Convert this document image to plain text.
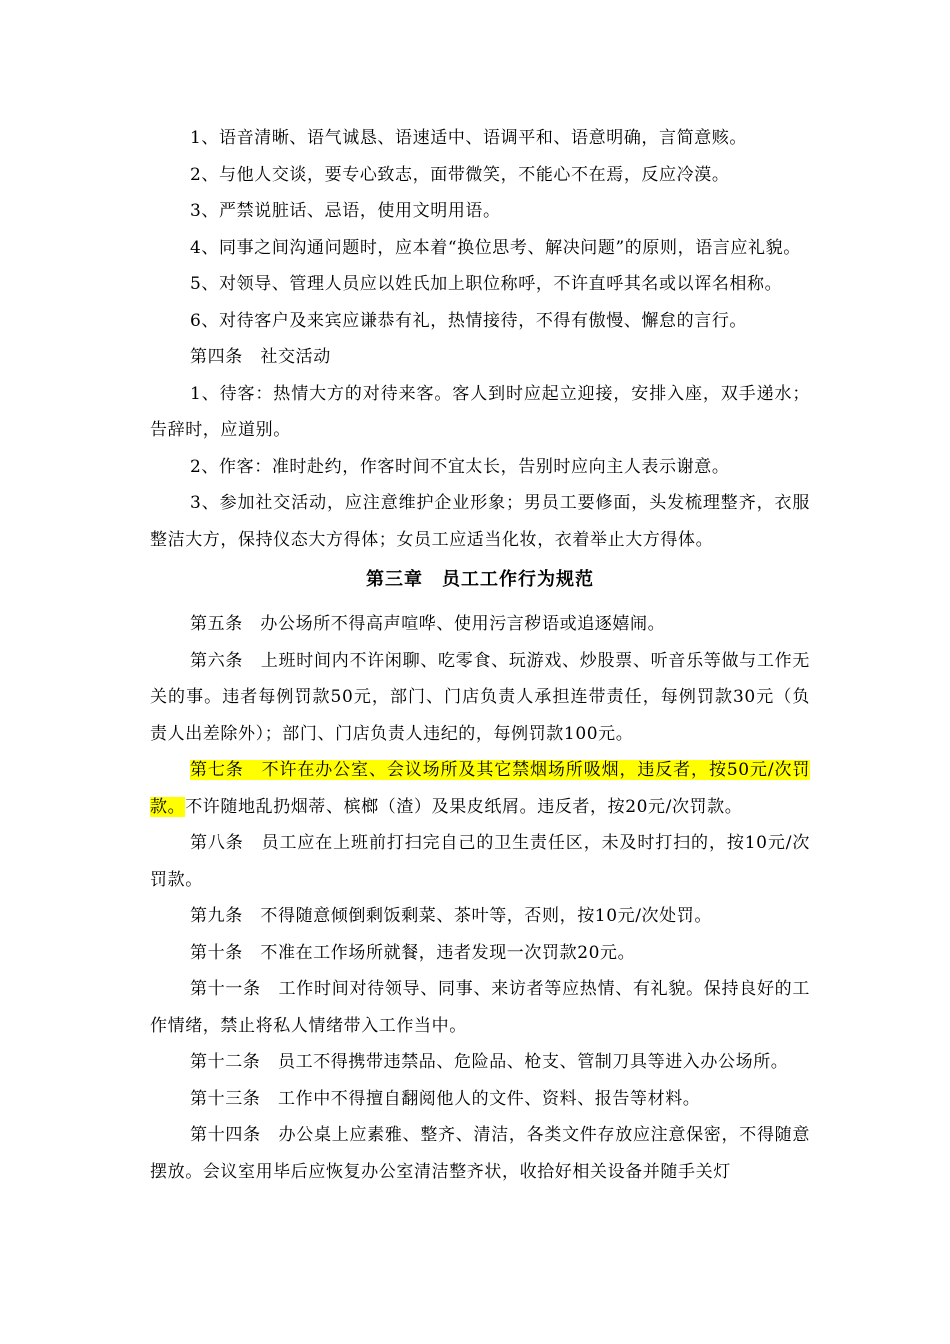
1、语音清晰、语气诚恳、语速适中、语调平和、语意明确，言简意赅。

2、与他人交谈，要专心致志，面带微笑，不能心不在焉，反应冷漠。

3、严禁说脏话、忌语，使用文明用语。

4、同事之间沟通问题时，应本着“换位思考、解决问题”的原则，语言应礼貌。

5、对领导、管理人员应以姓氏加上职位称呼，不许直呼其名或以诨名相称。

6、对待客户及来宾应谦恭有礼，热情接待，不得有傲慢、懈怠的言行。

第四条　社交活动

1、待客：热情大方的对待来客。客人到时应起立迎接，安排入座，双手递水；告辞时，应道别。

2、作客：准时赴约，作客时间不宜太长，告别时应向主人表示谢意。

3、参加社交活动，应注意维护企业形象；男员工要修面，头发梳理整齐，衣服整洁大方，保持仪态大方得体；女员工应适当化妆，衣着举止大方得体。

第三章　员工工作行为规范

第五条　办公场所不得高声喧哗、使用污言秽语或追逐嬉闹。

第六条　上班时间内不许闲聊、吃零食、玩游戏、炒股票、听音乐等做与工作无关的事。违者每例罚款50元，部门、门店负责人承担连带责任，每例罚款30元（负责人出差除外）；部门、门店负责人违纪的，每例罚款100元。

第七条　不许在办公室、会议场所及其它禁烟场所吸烟，违反者，按50元/次罚款。不许随地乱扔烟蒂、槟榔（渣）及果皮纸屑。违反者，按20元/次罚款。

第八条　员工应在上班前打扫完自己的卫生责任区，未及时打扫的，按10元/次罚款。

第九条　不得随意倾倒剩饭剩菜、茶叶等，否则，按10元/次处罚。

第十条　不准在工作场所就餐，违者发现一次罚款20元。

第十一条　工作时间对待领导、同事、来访者等应热情、有礼貌。保持良好的工作情绪，禁止将私人情绪带入工作当中。

第十二条　员工不得携带违禁品、危险品、枪支、管制刀具等进入办公场所。

第十三条　工作中不得擅自翻阅他人的文件、资料、报告等材料。

第十四条　办公桌上应素雅、整齐、清洁，各类文件存放应注意保密，不得随意摆放。会议室用毕后应恢复办公室清洁整齐状，收拾好相关设备并随手关灯
